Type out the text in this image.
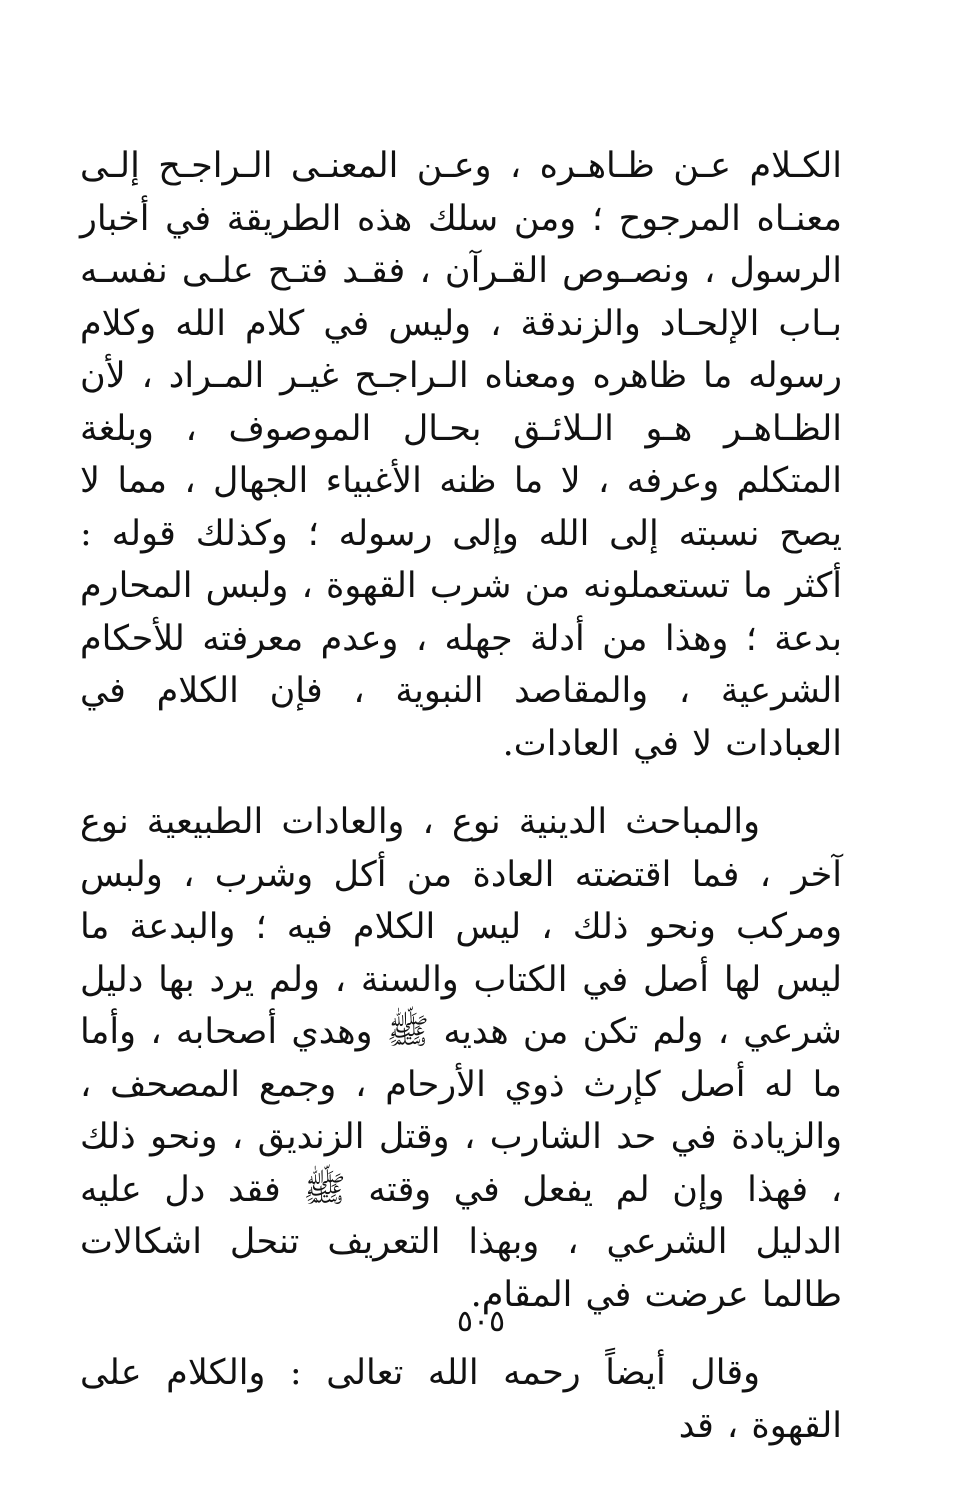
الكـلام عـن ظـاهـره ، وعـن المعنـى الـراجـح إلـى معنـاه المرجوح ؛ ومن سلك هذه الطريقة في أخبار الرسول ، ونصـوص القـرآن ، فقـد فتـح علـى نفسـه بـاب الإلحـاد والزندقة ، وليس في كلام الله وكلام رسوله ما ظاهره ومعناه الـراجـح غيـر المـراد ، لأن الظـاهـر هـو الـلائـق بحـال الموصوف ، وبلغة المتكلم وعرفه ، لا ما ظنه الأغبياء الجهال ، مما لا يصح نسبته إلى الله وإلى رسوله ؛ وكذلك قوله : أكثر ما تستعملونه من شرب القهوة ، ولبس المحارم بدعة ؛ وهذا من أدلة جهله ، وعدم معرفته للأحكام الشرعية ، والمقاصد النبوية ، فإن الكلام في العبادات لا في العادات.

والمباحث الدينية نوع ، والعادات الطبيعية نوع آخر ، فما اقتضته العادة من أكل وشرب ، ولبس ومركب ونحو ذلك ، ليس الكلام فيه ؛ والبدعة ما ليس لها أصل في الكتاب والسنة ، ولم يرد بها دليل شرعي ، ولم تكن من هديه ﷺ وهدي أصحابه ، وأما ما له أصل كإرث ذوي الأرحام ، وجمع المصحف ، والزيادة في حد الشارب ، وقتل الزنديق ، ونحو ذلك ، فهذا وإن لم يفعل في وقته ﷺ فقد دل عليه الدليل الشرعي ، وبهذا التعريف تنحل اشكالات طالما عرضت في المقام.

وقال أيضاً رحمه الله تعالى : والكلام على القهوة ، قد

٥٠٥
